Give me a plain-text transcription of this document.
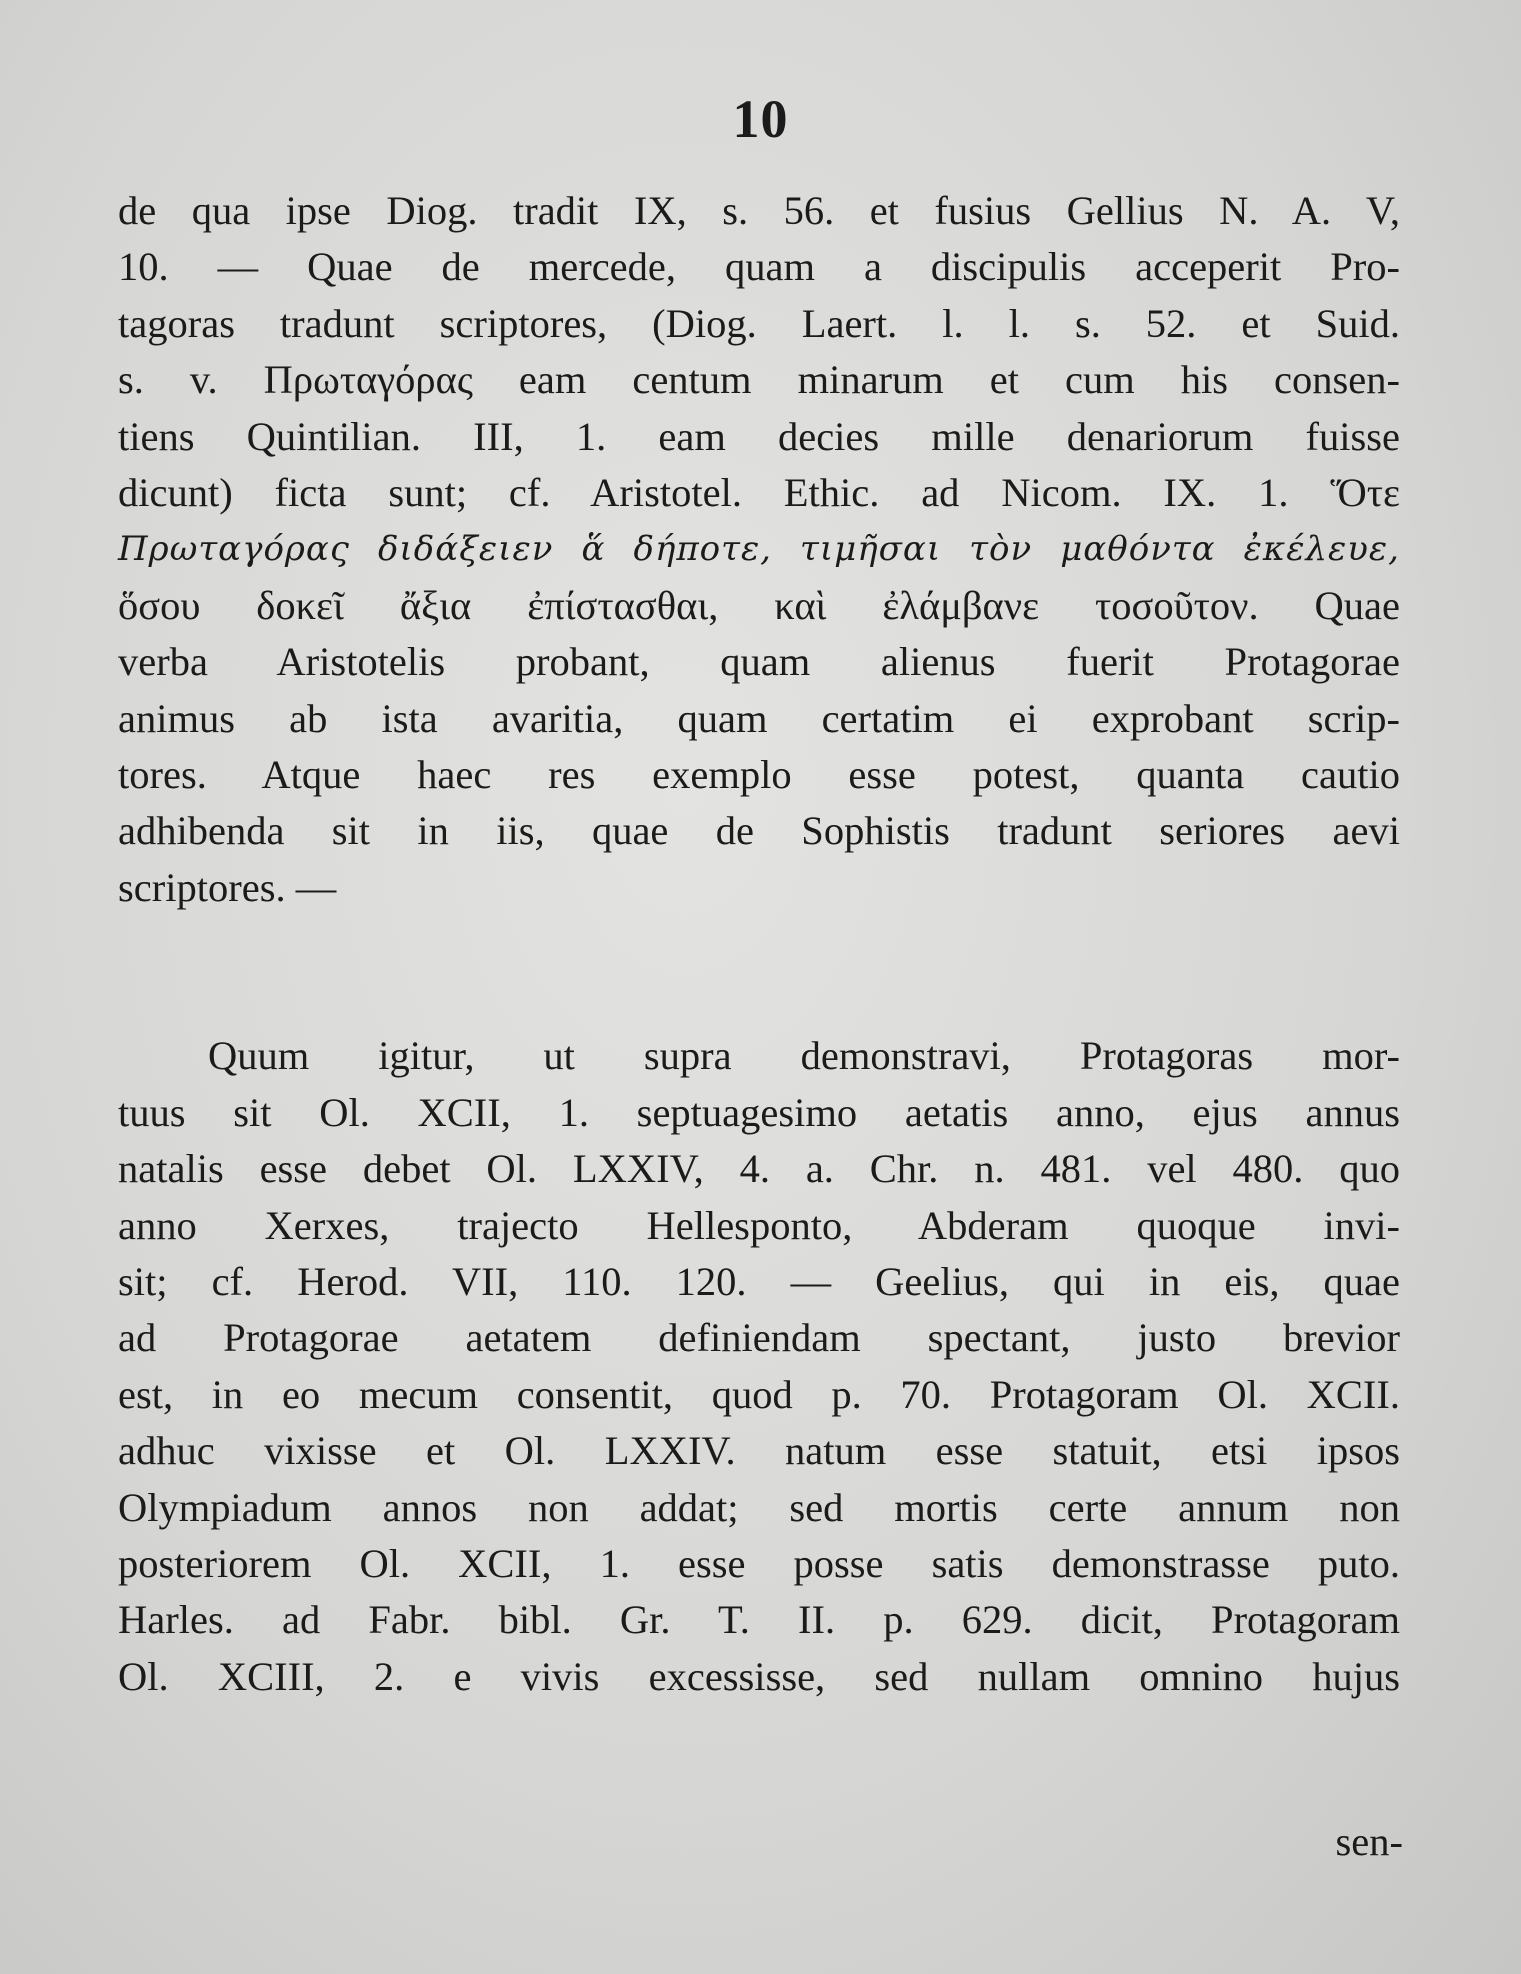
10
de qua ipse Diog. tradit IX, s. 56. et fusius Gellius N. A. V,
10. — Quae de mercede, quam a discipulis acceperit Pro-
tagoras tradunt scriptores, (Diog. Laert. l. l. s. 52. et Suid.
s. v. Πρωταγόρας eam centum minarum et cum his consen-
tiens Quintilian. III, 1. eam decies mille denariorum fuisse
dicunt) ficta sunt; cf. Aristotel. Ethic. ad Nicom. IX. 1. Ὅτε
Πρωταγόρας διδάξειεν ἅ δήποτε, τιμῆσαι τὸν μαθόντα ἐκέλευε,
ὅσου δοκεῖ ἄξια ἐπίστασθαι, καὶ ἐλάμβανε τοσοῦτον. Quae
verba Aristotelis probant, quam alienus fuerit Protagorae
animus ab ista avaritia, quam certatim ei exprobant scrip-
tores. Atque haec res exemplo esse potest, quanta cautio
adhibenda sit in iis, quae de Sophistis tradunt seriores aevi
scriptores. —
Quum igitur, ut supra demonstravi, Protagoras mor-
tuus sit Ol. XCII, 1. septuagesimo aetatis anno, ejus annus
natalis esse debet Ol. LXXIV, 4. a. Chr. n. 481. vel 480. quo
anno Xerxes, trajecto Hellesponto, Abderam quoque invi-
sit; cf. Herod. VII, 110. 120. — Geelius, qui in eis, quae
ad Protagorae aetatem definiendam spectant, justo brevior
est, in eo mecum consentit, quod p. 70. Protagoram Ol. XCII.
adhuc vixisse et Ol. LXXIV. natum esse statuit, etsi ipsos
Olympiadum annos non addat; sed mortis certe annum non
posteriorem Ol. XCII, 1. esse posse satis demonstrasse puto.
Harles. ad Fabr. bibl. Gr. T. II. p. 629. dicit, Protagoram
Ol. XCIII, 2. e vivis excessisse, sed nullam omnino hujus
sen-
